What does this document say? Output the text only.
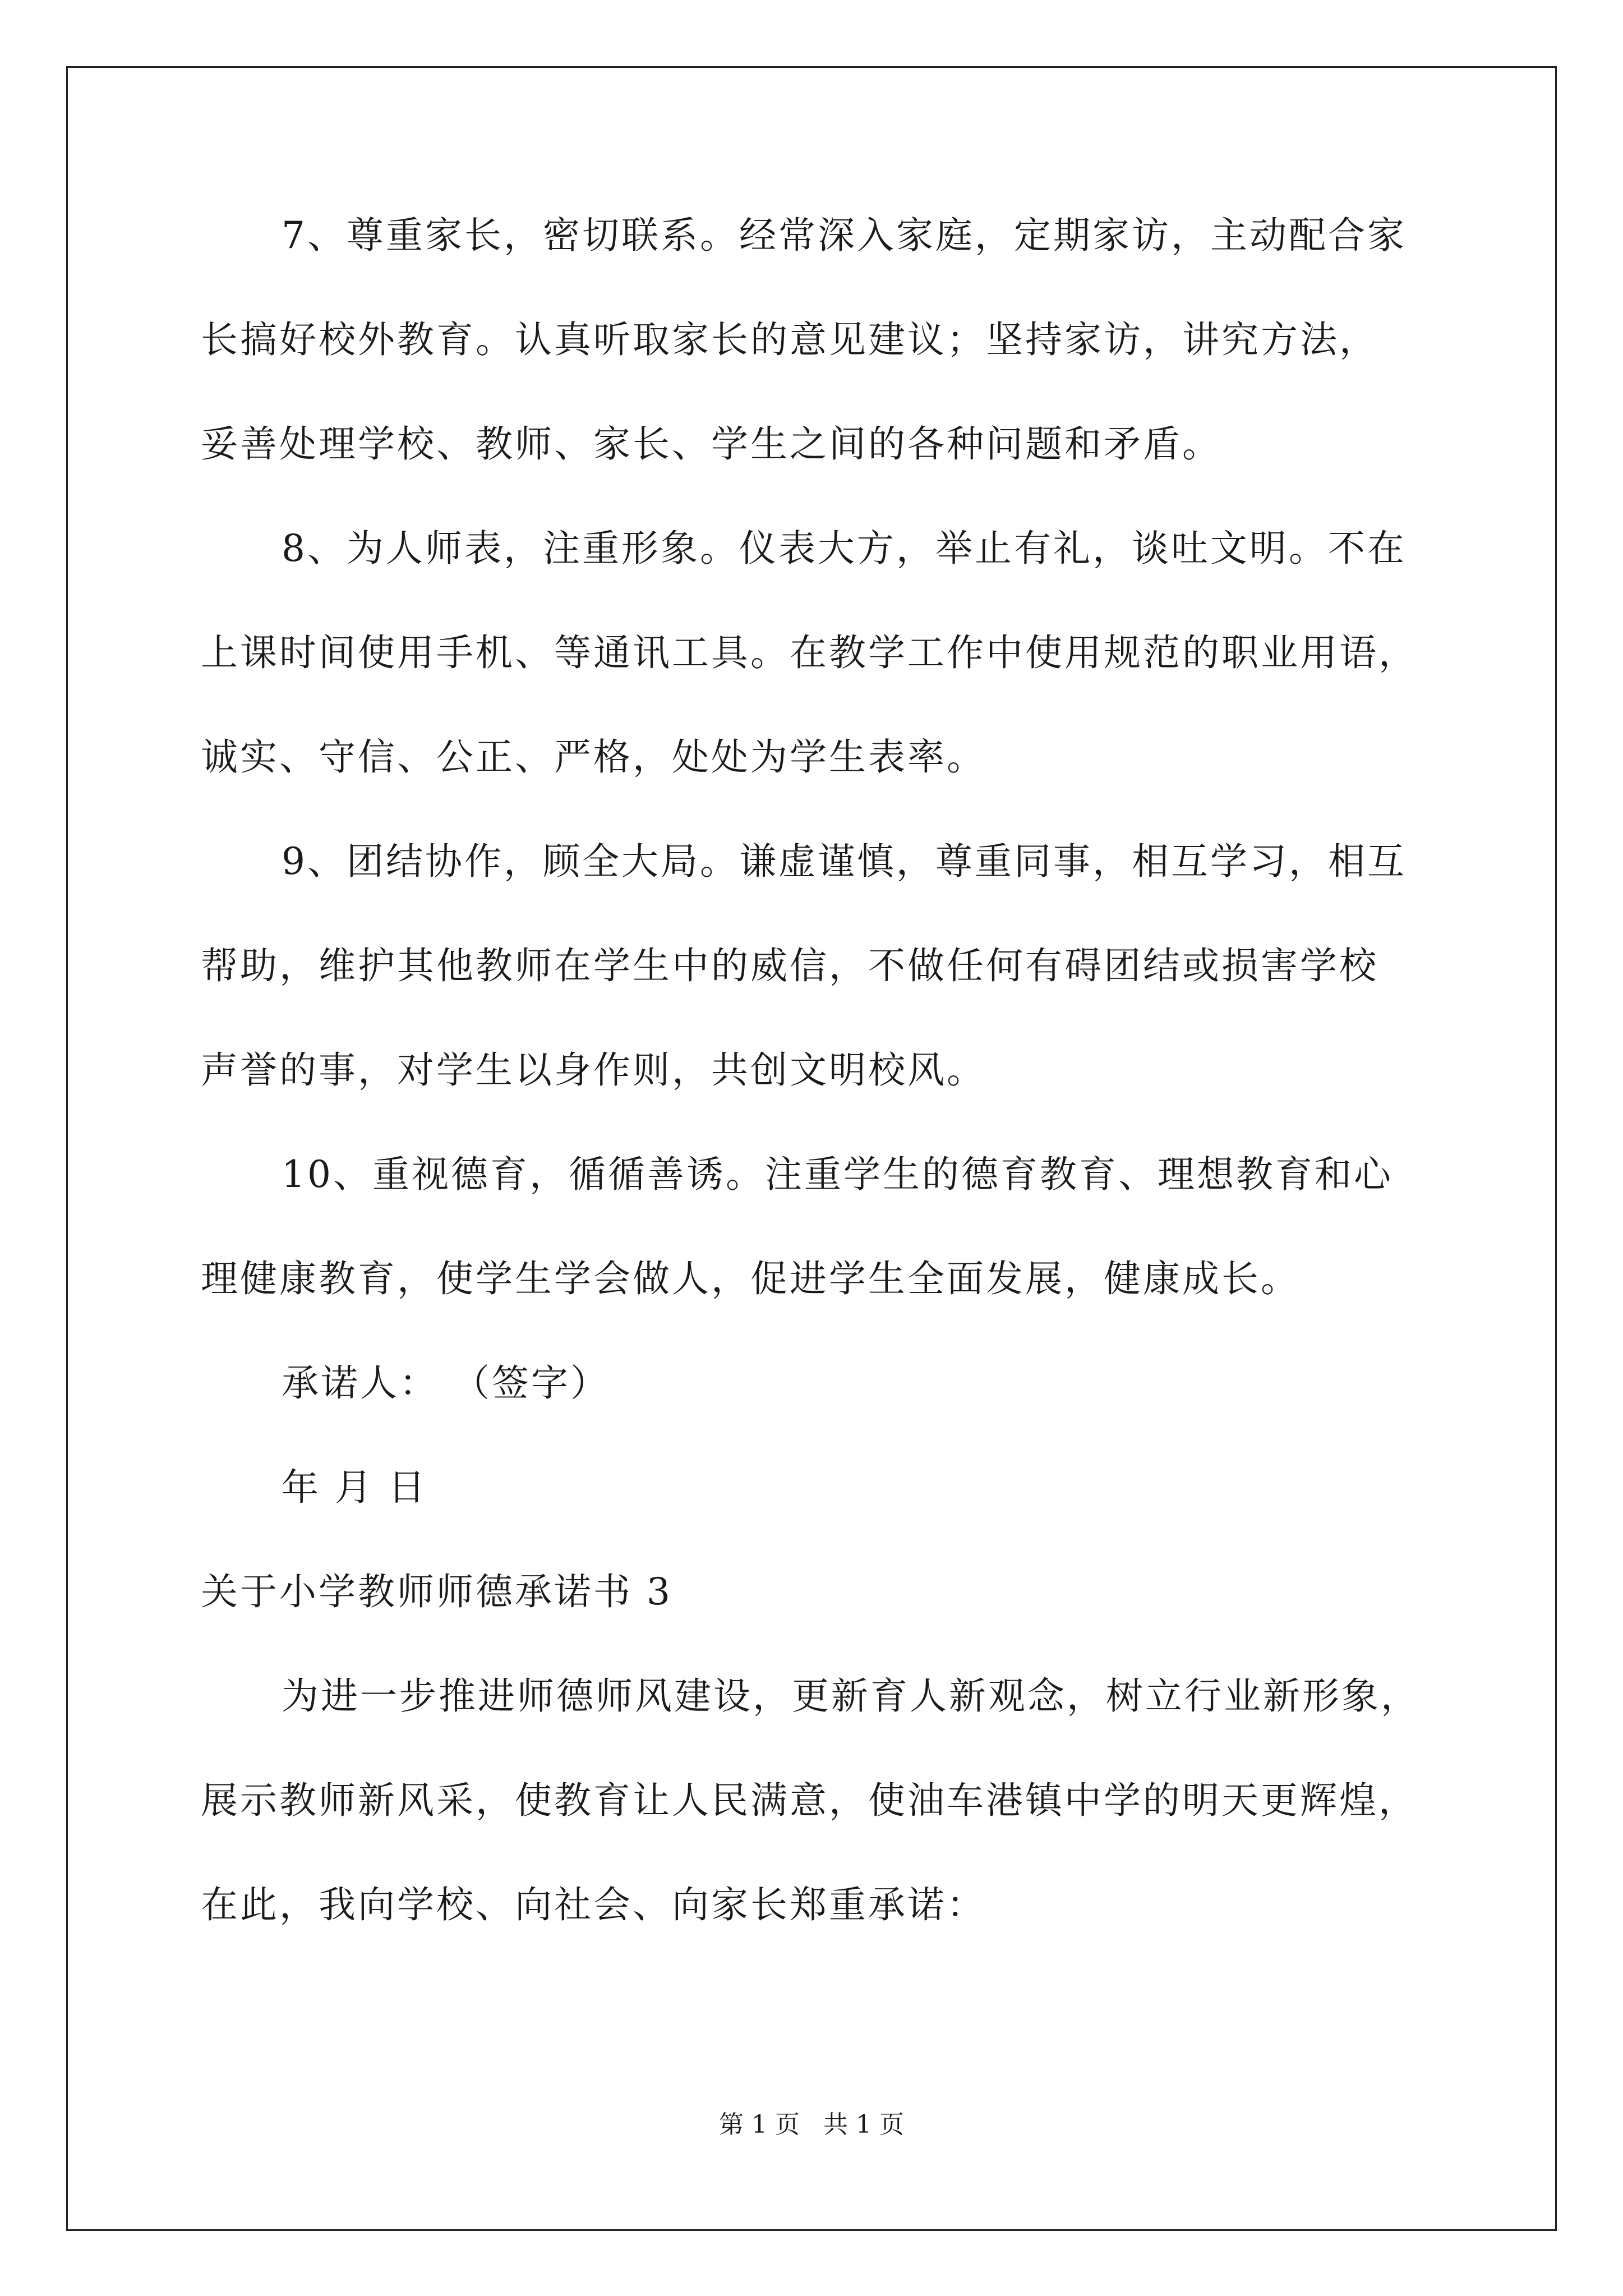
7、尊重家长，密切联系。经常深入家庭，定期家访，主动配合家
长搞好校外教育。认真听取家长的意见建议；坚持家访，讲究方法，
妥善处理学校、教师、家长、学生之间的各种问题和矛盾。
8、为人师表，注重形象。仪表大方，举止有礼，谈吐文明。不在
上课时间使用手机、等通讯工具。在教学工作中使用规范的职业用语，
诚实、守信、公正、严格，处处为学生表率。
9、团结协作，顾全大局。谦虚谨慎，尊重同事，相互学习，相互
帮助，维护其他教师在学生中的威信，不做任何有碍团结或损害学校
声誉的事，对学生以身作则，共创文明校风。
10、重视德育，循循善诱。注重学生的德育教育、理想教育和心
理健康教育，使学生学会做人，促进学生全面发展，健康成长。
承诺人： （签字）
年 月 日
关于小学教师师德承诺书 3
为进一步推进师德师风建设，更新育人新观念，树立行业新形象，
展示教师新风采，使教育让人民满意，使油车港镇中学的明天更辉煌，
在此，我向学校、向社会、向家长郑重承诺：
第 1 页   共 1 页
